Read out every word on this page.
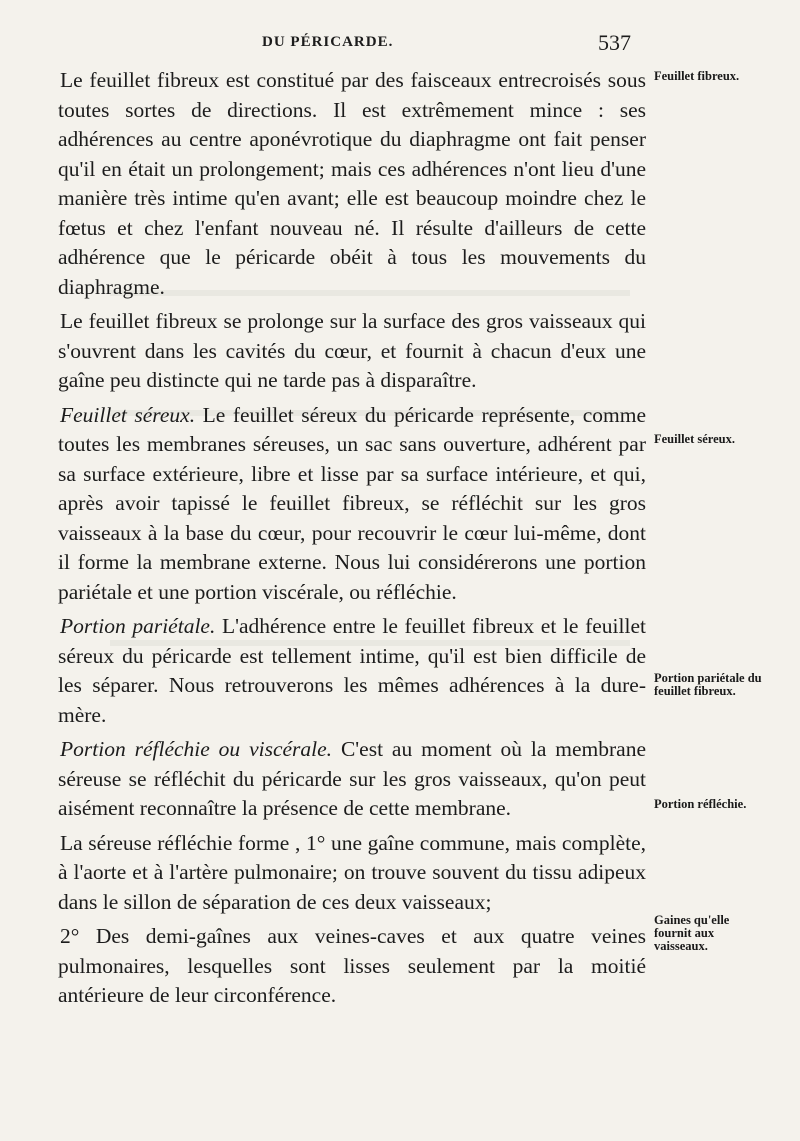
DU PÉRICARDE.	537

Le feuillet fibreux est constitué par des faisceaux entrecroisés sous toutes sortes de directions. Il est extrêmement mince : ses adhérences au centre aponévrotique du diaphragme ont fait penser qu'il en était un prolongement; mais ces adhérences n'ont lieu d'une manière très intime qu'en avant; elle est beaucoup moindre chez le fœtus et chez l'enfant nouveau né. Il résulte d'ailleurs de cette adhérence que le péricarde obéit à tous les mouvements du diaphragme.

Le feuillet fibreux se prolonge sur la surface des gros vaisseaux qui s'ouvrent dans les cavités du cœur, et fournit à chacun d'eux une gaîne peu distincte qui ne tarde pas à disparaître.

Feuillet séreux. Le feuillet séreux du péricarde représente, comme toutes les membranes séreuses, un sac sans ouverture, adhérent par sa surface extérieure, libre et lisse par sa surface intérieure, et qui, après avoir tapissé le feuillet fibreux, se réfléchit sur les gros vaisseaux à la base du cœur, pour recouvrir le cœur lui-même, dont il forme la membrane externe. Nous lui considérerons une portion pariétale et une portion viscérale, ou réfléchie.

Portion pariétale. L'adhérence entre le feuillet fibreux et le feuillet séreux du péricarde est tellement intime, qu'il est bien difficile de les séparer. Nous retrouverons les mêmes adhérences à la dure-mère.

Portion réfléchie ou viscérale. C'est au moment où la membrane séreuse se réfléchit du péricarde sur les gros vaisseaux, qu'on peut aisément reconnaître la présence de cette membrane.

La séreuse réfléchie forme , 1° une gaîne commune, mais complète, à l'aorte et à l'artère pulmonaire; on trouve souvent du tissu adipeux dans le sillon de séparation de ces deux vaisseaux;

2° Des demi-gaînes aux veines-caves et aux quatre veines pulmonaires, lesquelles sont lisses seulement par la moitié antérieure de leur circonférence.

Feuillet fibreux.
Feuillet séreux.
Portion pariétale du feuillet fibreux.
Portion réfléchie.
Gaines qu'elle fournit aux vaisseaux.
